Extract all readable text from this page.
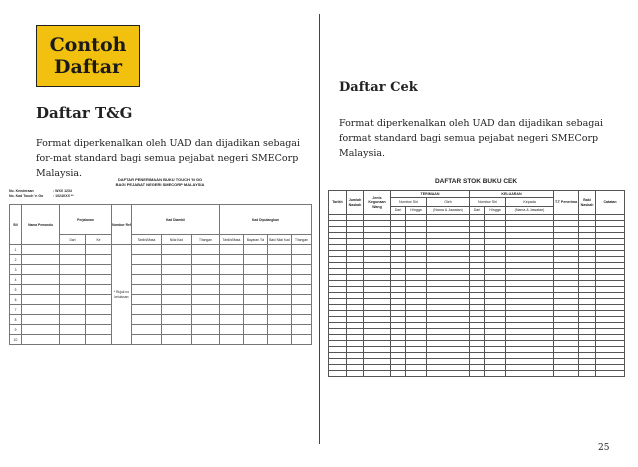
Contoh
Daftar
Daftar T&G

Format diperkenalkan oleh UAD dan dijadikan sebagai for-mat standard bagi semua pejabat negeri SMECorp Malaysia.

Daftar Cek

Format diperkenalkan oleh UAD dan dijadikan sebagai format standard bagi semua pejabat negeri SMECorp Malaysia.

DAFTAR PENERIMAAN BUKU TOUCH 'N GO
BAGI PEJABAT NEGERI SMECORP MALAYSIA
No. Kenderaan	: WXX 1234
No. Kad Touch 'n Go	: 1024XXX **
Bil	Nama Pemandu	Perjalanan		Nombor Ref	Kad Diambil			Kad Dipulangkan			
		Dari	Ke		Tarikh/Masa	Nilai Kad	T/tangan	Tarikh/Masa	Bayaran Tol	Baki Nilai Kad	T/tangan
1				* Rujuk no kelulusan							
2											
3											
4											
5											
6											
7											
8											
9											
10											
DAFTAR STOK BUKU CEK
Tarikh	Jumlah Naskah	Jenis Kegunaan Wang	TERIMAAN			KELUARAN			T.T Penerima	Baki Naskah	Catatan
			Nombor Siri		Oleh	Nombor Siri		Kepada			
			Dari	Hingga	(Nama & Jawatan)	Dari	Hingga	(Nama & Jawatan)			

25
